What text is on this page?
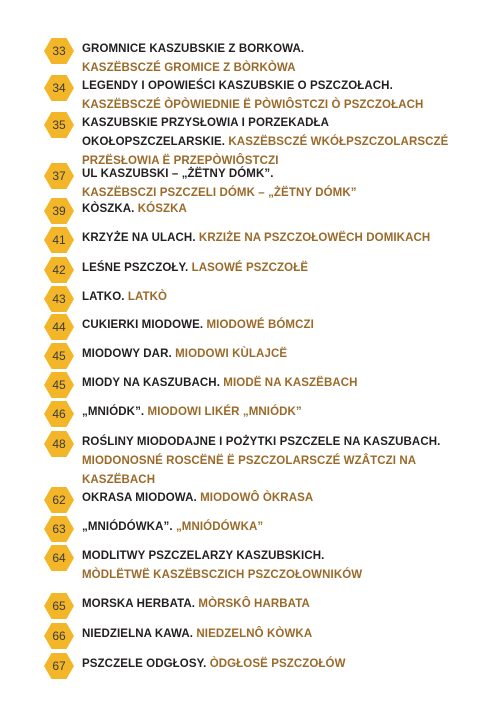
33	GROMNICE KASZUBSKIE Z BORKOWA.
KASZËBSCZÉ GROMICE Z BÒRKÒWA
34	LEGENDY I OPOWIEŚCI KASZUBSKIE O PSZCZOŁACH.
KASZËBSCZÉ ÒPÒWIEDNIE Ë PÒWIÔSTCZI Ò PSZCZOŁACH
35	KASZUBSKIE PRZYSŁOWIA I PORZEKADŁA OKOŁOPSZCZELARSKIE. KASZËBSCZÉ WKÓŁPSZCZOLARSCZÉ PRZËSŁOWIA Ë PRZEPÒWIÔSTCZI
37	UL KASZUBSKI – „ŻËTNY DÓMK”.
KASZËBSCZI PSZCZELI DÓMK – „ŻËTNY DÓMK”
39	KÒSZKA. KÓSZKA
41	KRZYŻE NA ULACH. KRZIŻE NA PSZCZOŁOWËCH DOMIKACH
42	LEŚNE PSZCZOŁY. LASOWÉ PSZCZOŁË
43	LATKO. LATKÒ
44	CUKIERKI MIODOWE. MIODOWÉ BÓMCZI
45	MIODOWY DAR. MIODOWI KÙLAJCË
45	MIODY NA KASZUBACH. MIODË NA KASZËBACH
46	„MNIÓDK”. MIODOWI LIKÉR „MNIÓDK”
48	ROŚLINY MIODODAJNE I POŻYTKI PSZCZELE NA KASZUBACH.
MIODONOSNÉ ROSCËNË Ë PSZCZOLARSCZÉ WZÂTCZI NA KASZËBACH
62	OKRASA MIODOWA. MIODOWÔ ÒKRASA
63	„MNIÓDÓWKA”. „MNIÓDÓWKA”
64	MODLITWY PSZCZELARZY KASZUBSKICH.
MÒDLËTWË KASZËBSCZICH PSZCZOŁOWNIKÓW
65	MORSKA HERBATA. MÒRSKÔ HARBATA
66	NIEDZIELNA KAWA. NIEDZELNÔ KÒWKA
67	PSZCZELE ODGŁOSY. ÒDGŁOSË PSZCZOŁÓW
